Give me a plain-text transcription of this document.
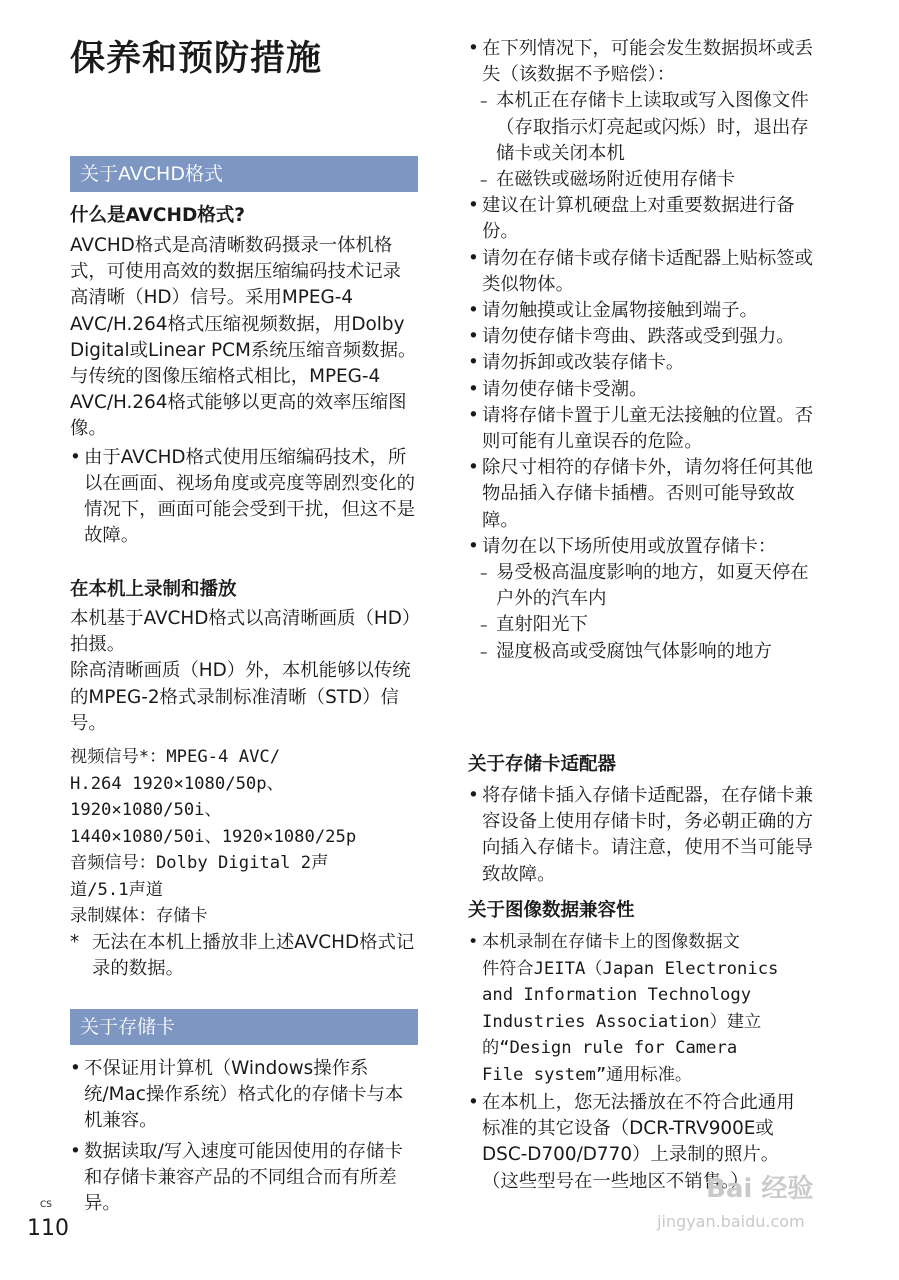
保养和预防措施
关于AVCHD格式
什么是AVCHD格式?
AVCHD格式是高清晰数码摄录一体机格式，可使用高效的数据压缩编码技术记录高清晰（HD）信号。采用MPEG-4 AVC/H.264格式压缩视频数据，用Dolby Digital或Linear PCM系统压缩音频数据。
与传统的图像压缩格式相比，MPEG-4 AVC/H.264格式能够以更高的效率压缩图像。
• 由于AVCHD格式使用压缩编码技术，所以在画面、视场角度或亮度等剧烈变化的情况下，画面可能会受到干扰，但这不是故障。
在本机上录制和播放
本机基于AVCHD格式以高清晰画质（HD）拍摄。
除高清晰画质（HD）外，本机能够以传统的MPEG-2格式录制标准清晰（STD）信号。
视频信号*：MPEG-4 AVC/
H.264 1920×1080/50p、
1920×1080/50i、
1440×1080/50i、1920×1080/25p
音频信号：Dolby Digital 2声
道/5.1声道
录制媒体：存储卡
* 无法在本机上播放非上述AVCHD格式记录的数据。
关于存储卡
• 不保证用计算机（Windows操作系统/Mac操作系统）格式化的存储卡与本机兼容。
• 数据读取/写入速度可能因使用的存储卡和存储卡兼容产品的不同组合而有所差异。
• 在下列情况下，可能会发生数据损坏或丢失（该数据不予赔偿）：
– 本机正在存储卡上读取或写入图像文件（存取指示灯亮起或闪烁）时，退出存储卡或关闭本机
– 在磁铁或磁场附近使用存储卡
• 建议在计算机硬盘上对重要数据进行备份。
• 请勿在存储卡或存储卡适配器上贴标签或类似物体。
• 请勿触摸或让金属物接触到端子。
• 请勿使存储卡弯曲、跌落或受到强力。
• 请勿拆卸或改装存储卡。
• 请勿使存储卡受潮。
• 请将存储卡置于儿童无法接触的位置。否则可能有儿童误吞的危险。
• 除尺寸相符的存储卡外，请勿将任何其他物品插入存储卡插槽。否则可能导致故障。
• 请勿在以下场所使用或放置存储卡：
– 易受极高温度影响的地方，如夏天停在户外的汽车内
– 直射阳光下
– 湿度极高或受腐蚀气体影响的地方
关于存储卡适配器
• 将存储卡插入存储卡适配器，在存储卡兼容设备上使用存储卡时，务必朝正确的方向插入存储卡。请注意，使用不当可能导致故障。
关于图像数据兼容性
• 本机录制在存储卡上的图像数据文
件符合JEITA（Japan Electronics
and Information Technology
Industries Association）建立
的“Design rule for Camera
File system”通用标准。
• 在本机上，您无法播放在不符合此通用标准的其它设备（DCR-TRV900E或DSC-D700/D770）上录制的照片。（这些型号在一些地区不销售。）
CS
110
Bai 经验
jingyan.baidu.com
